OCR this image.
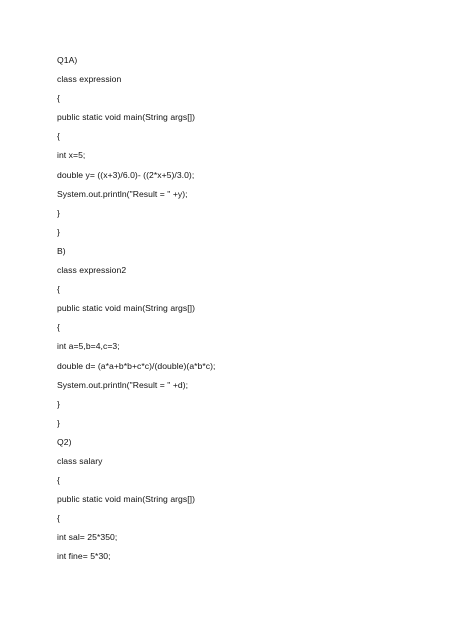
Q1A)
class expression
{
public static void main(String args[])
{
int x=5;
double y= ((x+3)/6.0)- ((2*x+5)/3.0);
System.out.println("Result = " +y);
}
}
B)
class expression2
{
public static void main(String args[])
{
int a=5,b=4,c=3;
double d= (a*a+b*b+c*c)/(double)(a*b*c);
System.out.println("Result = " +d);
}
}
Q2)
class salary
{
public static void main(String args[])
{
int sal= 25*350;
int fine= 5*30;
